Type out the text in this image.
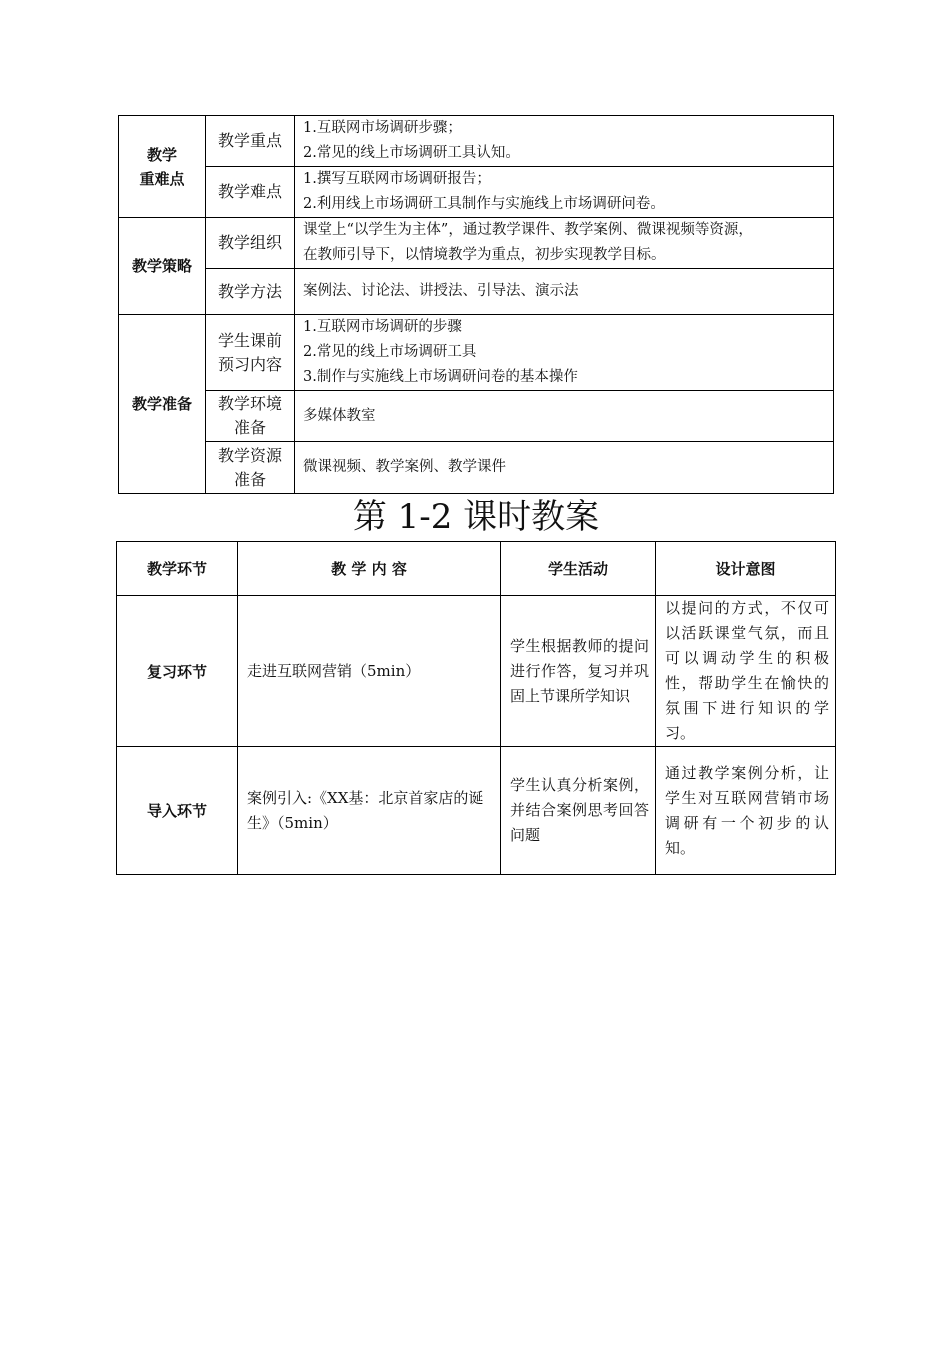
教学
重难点	教学重点	1.互联网市场调研步骤；
2.常见的线上市场调研工具认知。

	教学难点	1.撰写互联网市场调研报告；
2.利用线上市场调研工具制作与实施线上市场调研问卷。

教学策略	教学组织	课堂上“以学生为主体”，通过教学课件、教学案例、微课视频等资源，
在教师引导下，以情境教学为重点，初步实现教学目标。

	教学方法	案例法、讨论法、讲授法、引导法、演示法
教学准备	学生课前
预习内容	1.互联网市场调研的步骤
2.常见的线上市场调研工具
3.制作与实施线上市场调研问卷的基本操作

	教学环境
准备	多媒体教室

	教学资源
准备	微课视频、教学案例、教学课件
第 1-2 课时教案
教学环节	教 学 内 容	学生活动	设计意图
复习环节	走进互联网营销（5min）	学生根据教师的提问进行作答，复习并巩固上节课所学知识	以提问的方式，不仅可以活跃课堂气氛，而且可以调动学生的积极性，帮助学生在愉快的氛围下进行知识的学习。
导入环节	案例引入:《XX基：北京首家店的诞生》（5min）	学生认真分析案例，并结合案例思考回答问题	通过教学案例分析，让学生对互联网营销市场调研有一个初步的认知。
